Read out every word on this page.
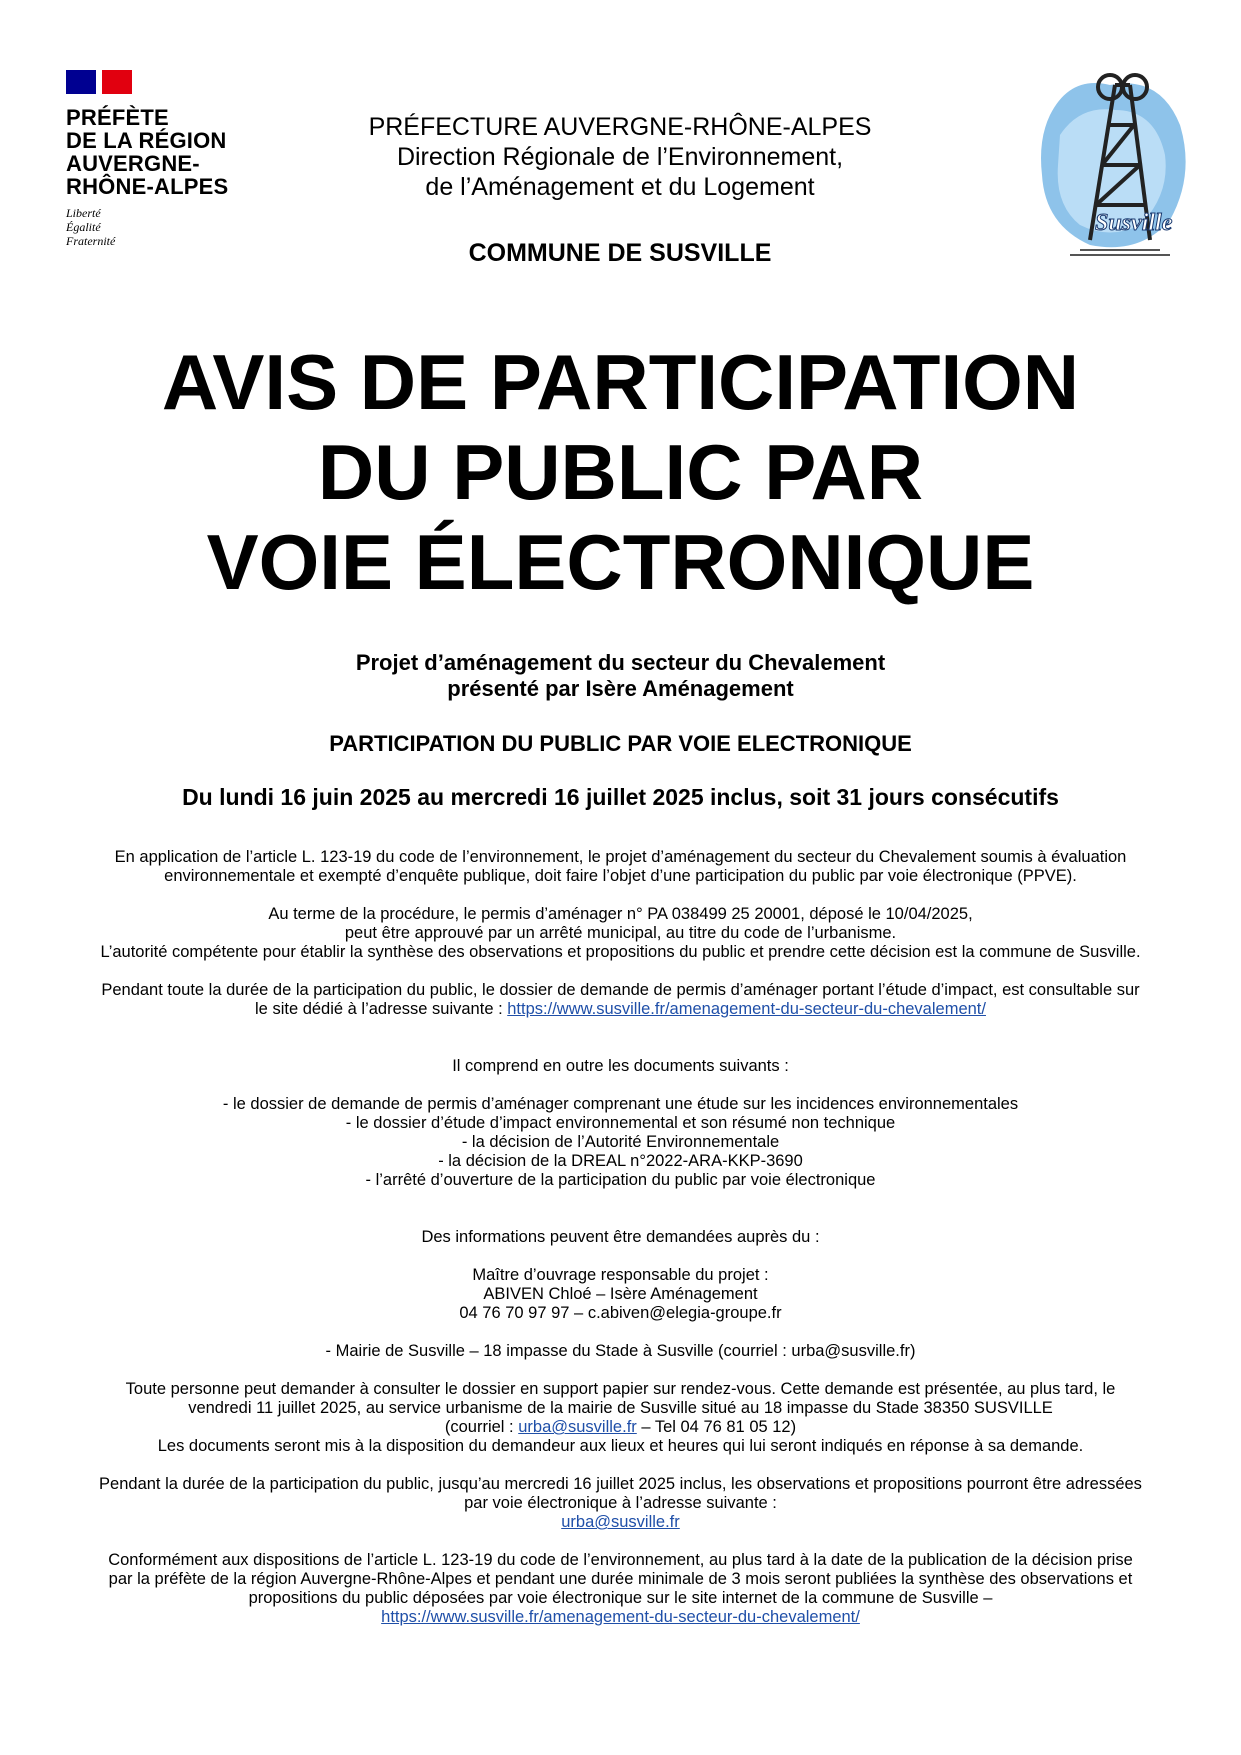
PRÉFÈTE
DE LA RÉGION
AUVERGNE-
RHÔNE-ALPES
Liberté
Égalité
Fraternité
Susville
PRÉFECTURE AUVERGNE-RHÔNE-ALPES
Direction Régionale de l’Environnement,
de l’Aménagement et du Logement
COMMUNE DE SUSVILLE
AVIS DE PARTICIPATION
DU PUBLIC PAR
VOIE ÉLECTRONIQUE
Projet d’aménagement du secteur du Chevalement
présenté par Isère Aménagement
PARTICIPATION DU PUBLIC PAR VOIE ELECTRONIQUE
Du lundi 16 juin 2025 au mercredi 16 juillet 2025 inclus, soit 31 jours consécutifs

En application de l’article L. 123-19 du code de l’environnement, le projet d’aménagement du secteur du Chevalement soumis à évaluation

environnementale et exempté d’enquête publique, doit faire l’objet d’une participation du public par voie électronique (PPVE).

Au terme de la procédure, le permis d’aménager n° PA 038499 25 20001, déposé le 10/04/2025,

peut être approuvé par un arrêté municipal, au titre du code de l’urbanisme.

L’autorité compétente pour établir la synthèse des observations et propositions du public et prendre cette décision est la commune de Susville.

Pendant toute la durée de la participation du public, le dossier de demande de permis d’aménager portant l’étude d’impact, est consultable sur

le site dédié à l’adresse suivante : https://www.susville.fr/amenagement-du-secteur-du-chevalement/

Il comprend en outre les documents suivants :

- le dossier de demande de permis d’aménager comprenant une étude sur les incidences environnementales

- le dossier d’étude d’impact environnemental et son résumé non technique

- la décision de l’Autorité Environnementale

- la décision de la DREAL n°2022-ARA-KKP-3690

- l’arrêté d’ouverture de la participation du public par voie électronique

Des informations peuvent être demandées auprès du :

Maître d’ouvrage responsable du projet :

ABIVEN Chloé – Isère Aménagement

04 76 70 97 97 – c.abiven@elegia-groupe.fr

- Mairie de Susville – 18 impasse du Stade à Susville (courriel : urba@susville.fr)

Toute personne peut demander à consulter le dossier en support papier sur rendez-vous. Cette demande est présentée, au plus tard, le

vendredi 11 juillet 2025, au service urbanisme de la mairie de Susville situé au 18 impasse du Stade 38350 SUSVILLE

(courriel : urba@susville.fr – Tel 04 76 81 05 12)

Les documents seront mis à la disposition du demandeur aux lieux et heures qui lui seront indiqués en réponse à sa demande.

Pendant la durée de la participation du public, jusqu’au mercredi 16 juillet 2025 inclus, les observations et propositions pourront être adressées

par voie électronique à l’adresse suivante :

urba@susville.fr

Conformément aux dispositions de l’article L. 123-19 du code de l’environnement, au plus tard à la date de la publication de la décision prise

par la préfète de la région Auvergne-Rhône-Alpes et pendant une durée minimale de 3 mois seront publiées la synthèse des observations et

propositions du public déposées par voie électronique sur le site internet de la commune de Susville –

https://www.susville.fr/amenagement-du-secteur-du-chevalement/
